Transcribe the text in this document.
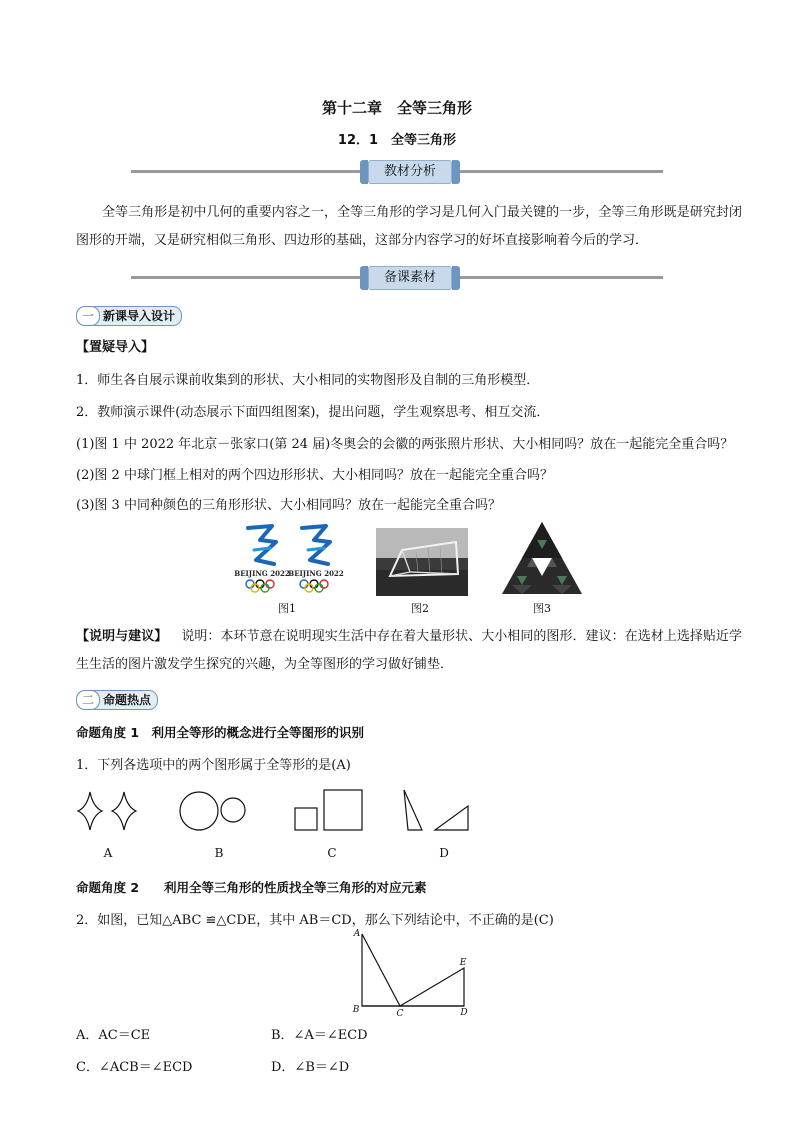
第十二章　全等三角形
12．1　全等三角形
教材分析
全等三角形是初中几何的重要内容之一，全等三角形的学习是几何入门最关键的一步，全等三角形既是研究封闭图形的开端，又是研究相似三角形、四边形的基础，这部分内容学习的好坏直接影响着今后的学习．
备课素材
一 新课导入设计
【置疑导入】
1．师生各自展示课前收集到的形状、大小相同的实物图形及自制的三角形模型．
2．教师演示课件(动态展示下面四组图案)，提出问题，学生观察思考、相互交流．
(1)图 1 中 2022 年北京－张家口(第 24 届)冬奥会的会徽的两张照片形状、大小相同吗？放在一起能完全重合吗？
(2)图 2 中球门框上相对的两个四边形形状、大小相同吗？放在一起能完全重合吗？
(3)图 3 中同种颜色的三角形形状、大小相同吗？放在一起能完全重合吗？
BEIJING 2022
BEIJING 2022
图1	图2	图3
【说明与建议】 说明：本环节意在说明现实生活中存在着大量形状、大小相同的图形．建议：在选材上选择贴近学生生活的图片激发学生探究的兴趣，为全等图形的学习做好铺垫．
二 命题热点
命题角度 1　利用全等形的概念进行全等图形的识别
1．下列各选项中的两个图形属于全等形的是(A)
A	B	C	D
命题角度 2　　利用全等三角形的性质找全等三角形的对应元素
2．如图，已知△ABC ≌△CDE，其中 AB＝CD，那么下列结论中，不正确的是(C)
A
B	C	D
E
A．AC＝CE	B．∠A＝∠ECD
C．∠ACB＝∠ECD	D．∠B＝∠D
